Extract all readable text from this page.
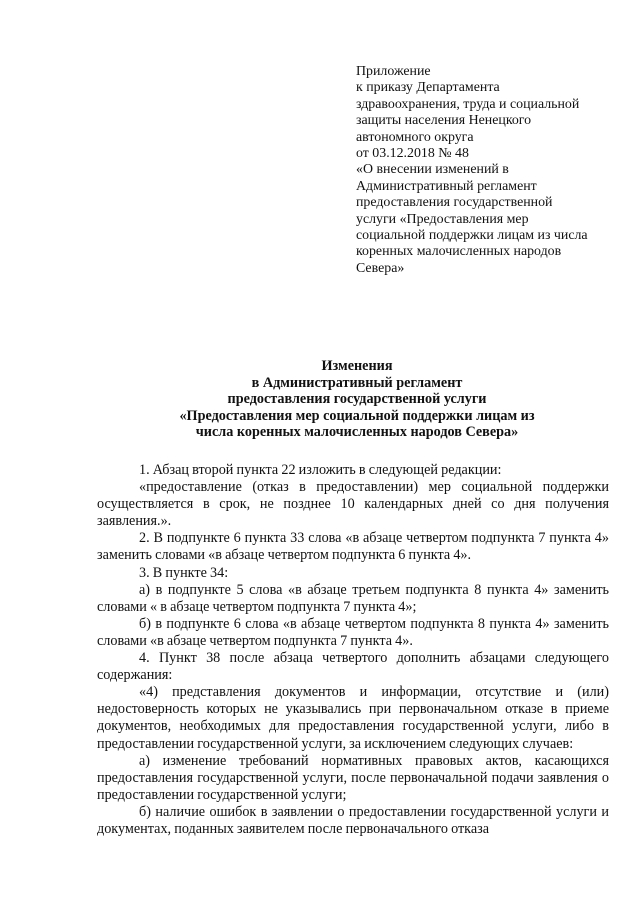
Приложение
к приказу Департамента
здравоохранения, труда и социальной
защиты населения Ненецкого
автономного округа
от 03.12.2018 № 48
«О внесении изменений в
Административный регламент
предоставления государственной
услуги «Предоставления мер
социальной поддержки лицам из числа
коренных малочисленных народов
Севера»
Изменения
в Административный регламент
предоставления государственной услуги
«Предоставления мер социальной поддержки лицам из
числа коренных малочисленных народов Севера»

1. Абзац второй пункта 22 изложить в следующей редакции:

«предоставление (отказ в предоставлении) мер социальной поддержки осуществляется в срок, не позднее 10 календарных дней со дня получения заявления.».

2. В подпункте 6 пункта 33 слова «в абзаце четвертом подпункта 7 пункта 4» заменить словами «в абзаце четвертом подпункта 6 пункта 4».

3. В пункте 34:

а) в подпункте 5 слова «в абзаце третьем подпункта 8 пункта 4» заменить словами « в абзаце четвертом подпункта 7 пункта 4»;

б) в подпункте 6 слова «в абзаце четвертом подпункта 8 пункта 4» заменить словами «в абзаце четвертом подпункта 7 пункта 4».

4. Пункт 38 после абзаца четвертого дополнить абзацами следующего содержания:

«4) представления документов и информации, отсутствие и (или) недостоверность которых не указывались при первоначальном отказе в приеме документов, необходимых для предоставления государственной услуги, либо в предоставлении государственной услуги, за исключением следующих случаев:

а) изменение требований нормативных правовых актов, касающихся предоставления государственной услуги, после первоначальной подачи заявления о предоставлении государственной услуги;

б) наличие ошибок в заявлении о предоставлении государственной услуги и документах, поданных заявителем после первоначального отказа
